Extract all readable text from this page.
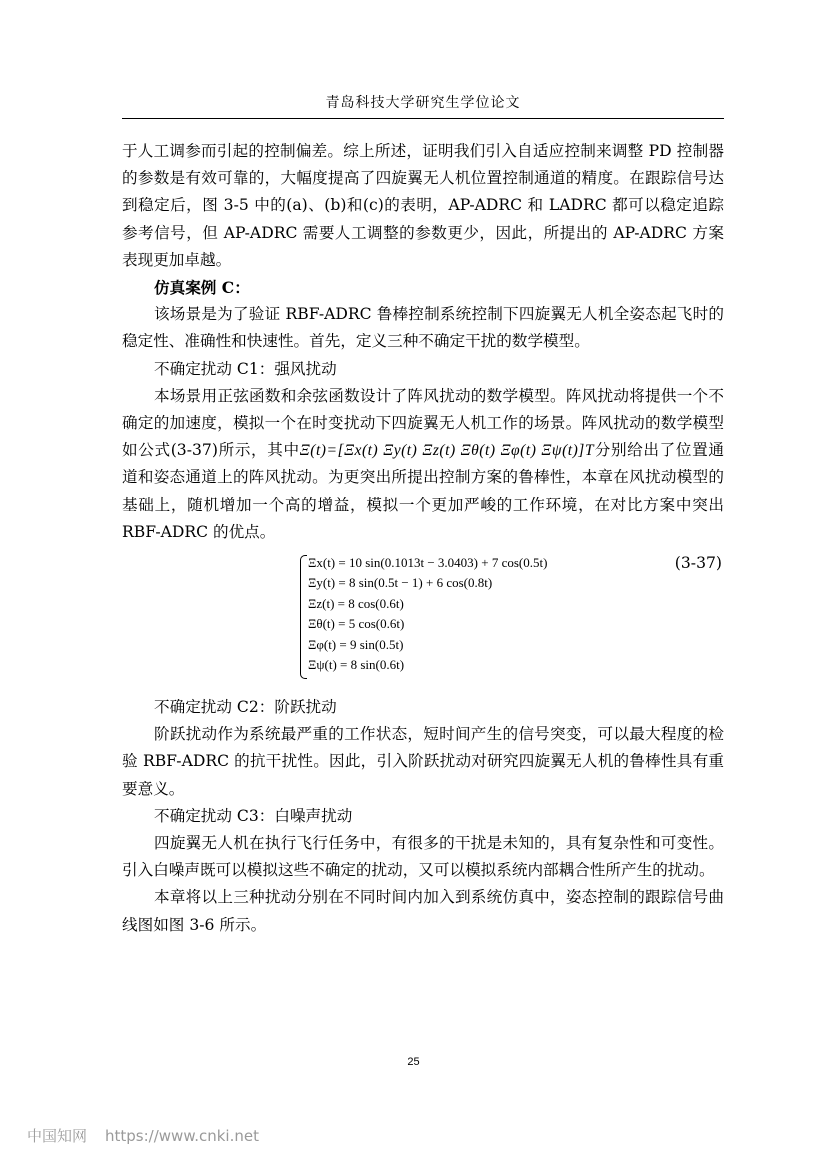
青岛科技大学研究生学位论文

于人工调参而引起的控制偏差。综上所述，证明我们引入自适应控制来调整 PD 控制器的参数是有效可靠的，大幅度提高了四旋翼无人机位置控制通道的精度。在跟踪信号达到稳定后，图 3-5 中的(a)、(b)和(c)的表明，AP-ADRC 和 LADRC 都可以稳定追踪参考信号，但 AP-ADRC 需要人工调整的参数更少，因此，所提出的 AP-ADRC 方案表现更加卓越。

仿真案例 C：

该场景是为了验证 RBF-ADRC 鲁棒控制系统控制下四旋翼无人机全姿态起飞时的稳定性、准确性和快速性。首先，定义三种不确定干扰的数学模型。

不确定扰动 C1：强风扰动

本场景用正弦函数和余弦函数设计了阵风扰动的数学模型。阵风扰动将提供一个不确定的加速度，模拟一个在时变扰动下四旋翼无人机工作的场景。阵风扰动的数学模型如公式(3-37)所示，其中Ξ(t)=[Ξx(t) Ξy(t) Ξz(t) Ξθ(t) Ξφ(t) Ξψ(t)]T分别给出了位置通道和姿态通道上的阵风扰动。为更突出所提出控制方案的鲁棒性，本章在风扰动模型的基础上，随机增加一个高的增益，模拟一个更加严峻的工作环境，在对比方案中突出 RBF-ADRC 的优点。

Ξx(t) = 10 sin(0.1013t − 3.0403) + 7 cos(0.5t)
Ξy(t) = 8 sin(0.5t − 1) + 6 cos(0.8t)
Ξz(t) = 8 cos(0.6t)
Ξθ(t) = 5 cos(0.6t)
Ξφ(t) = 9 sin(0.5t)
Ξψ(t) = 8 sin(0.6t)
(3-37)

不确定扰动 C2：阶跃扰动

阶跃扰动作为系统最严重的工作状态，短时间产生的信号突变，可以最大程度的检验 RBF-ADRC 的抗干扰性。因此，引入阶跃扰动对研究四旋翼无人机的鲁棒性具有重要意义。

不确定扰动 C3：白噪声扰动

四旋翼无人机在执行飞行任务中，有很多的干扰是未知的，具有复杂性和可变性。引入白噪声既可以模拟这些不确定的扰动，又可以模拟系统内部耦合性所产生的扰动。

本章将以上三种扰动分别在不同时间内加入到系统仿真中，姿态控制的跟踪信号曲线图如图 3-6 所示。

25
中国知网 https://www.cnki.net
